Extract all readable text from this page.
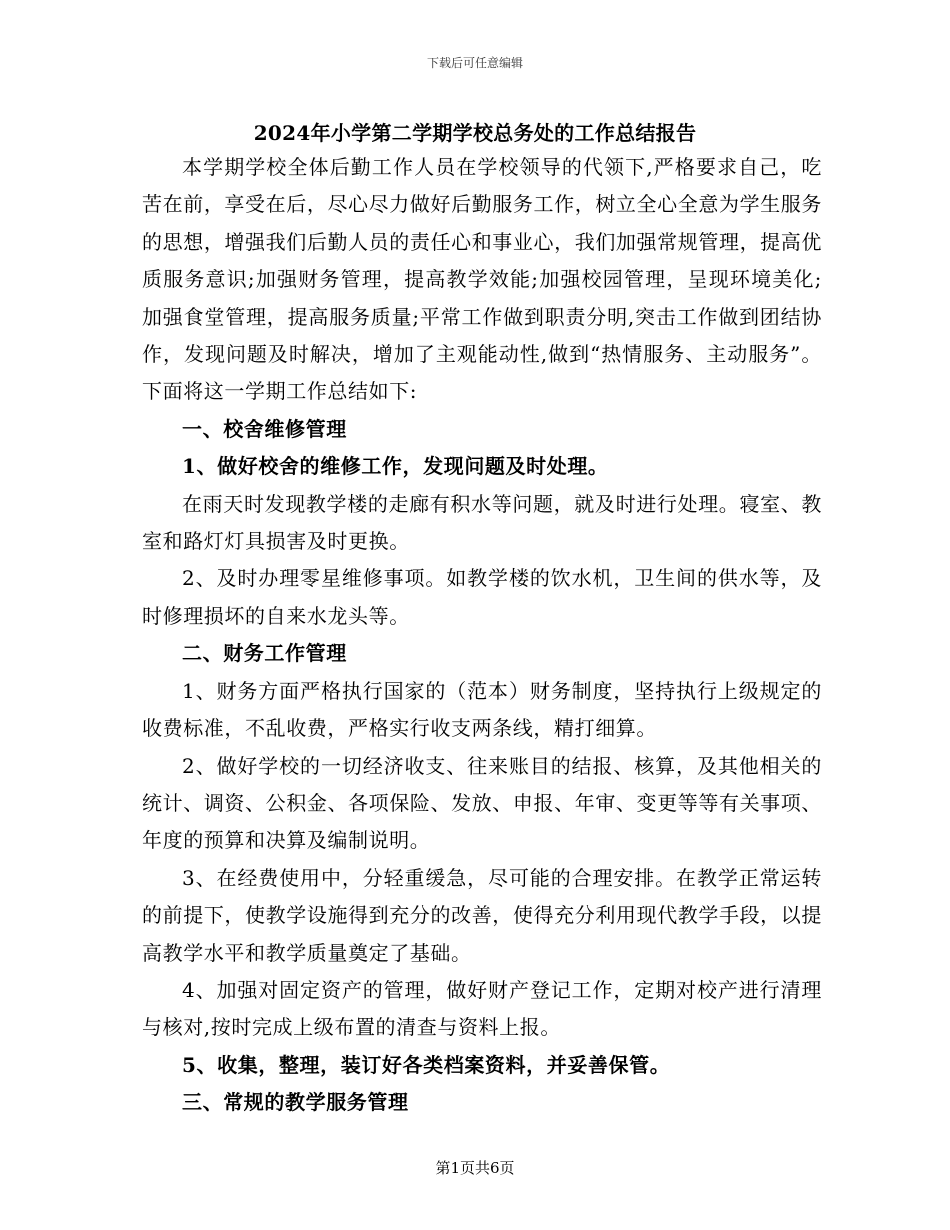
下载后可任意编辑
2024年小学第二学期学校总务处的工作总结报告

本学期学校全体后勤工作人员在学校领导的代领下,严格要求自己，吃苦在前，享受在后，尽心尽力做好后勤服务工作，树立全心全意为学生服务的思想，增强我们后勤人员的责任心和事业心，我们加强常规管理，提高优质服务意识;加强财务管理，提高教学效能;加强校园管理，呈现环境美化;加强食堂管理，提高服务质量;平常工作做到职责分明,突击工作做到团结协作，发现问题及时解决，增加了主观能动性,做到“热情服务、主动服务”。下面将这一学期工作总结如下:

一、校舍维修管理

1、做好校舍的维修工作，发现问题及时处理。

在雨天时发现教学楼的走廊有积水等问题，就及时进行处理。寝室、教室和路灯灯具损害及时更换。

2、及时办理零星维修事项。如教学楼的饮水机，卫生间的供水等，及时修理损坏的自来水龙头等。

二、财务工作管理

1、财务方面严格执行国家的（范本）财务制度，坚持执行上级规定的收费标准，不乱收费，严格实行收支两条线，精打细算。

2、做好学校的一切经济收支、往来账目的结报、核算，及其他相关的统计、调资、公积金、各项保险、发放、申报、年审、变更等等有关事项、年度的预算和决算及编制说明。

3、在经费使用中，分轻重缓急，尽可能的合理安排。在教学正常运转的前提下，使教学设施得到充分的改善，使得充分利用现代教学手段，以提高教学水平和教学质量奠定了基础。

4、加强对固定资产的管理，做好财产登记工作，定期对校产进行清理与核对,按时完成上级布置的清查与资料上报。

5、收集，整理，装订好各类档案资料，并妥善保管。

三、常规的教学服务管理

第1页共6页
